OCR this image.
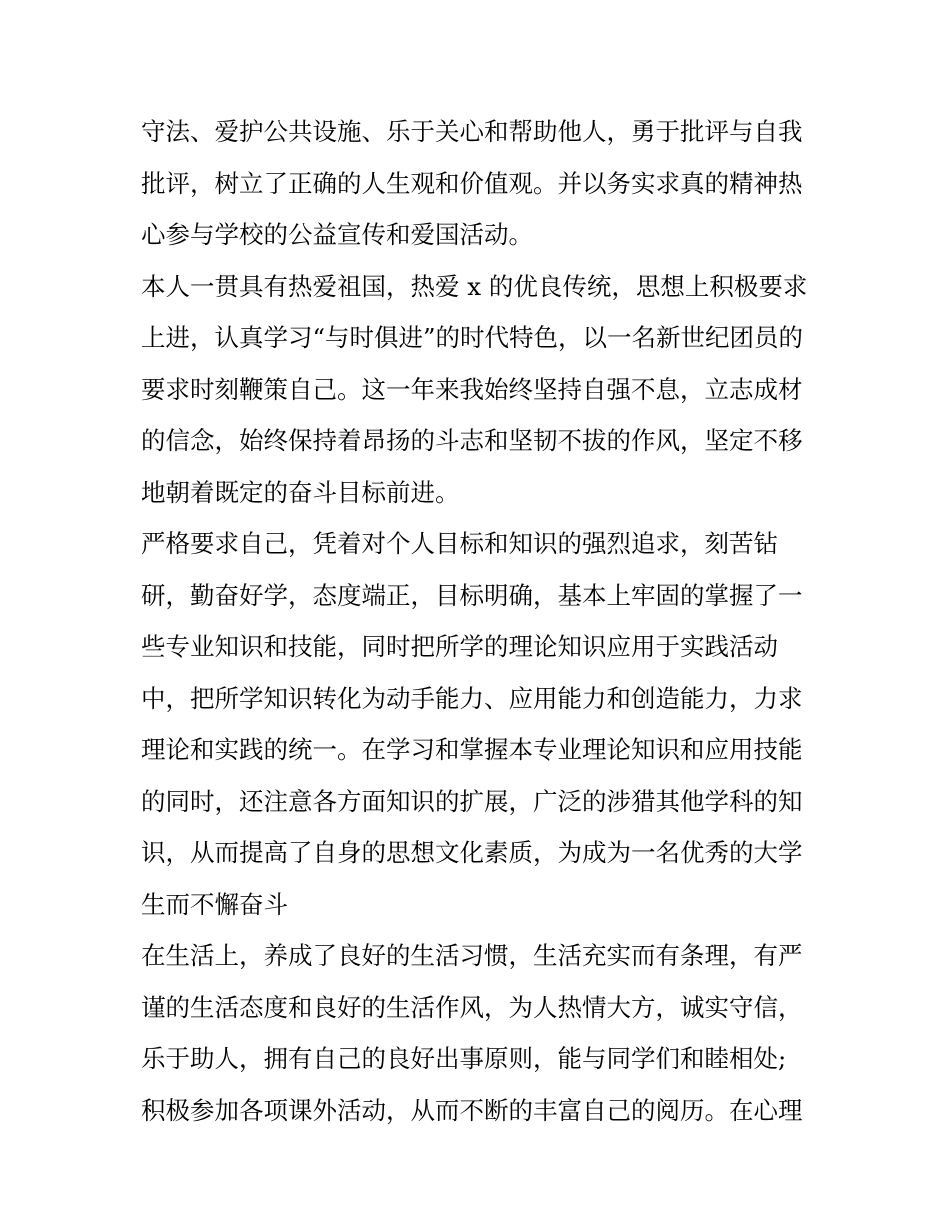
守法、爱护公共设施、乐于关心和帮助他人，勇于批评与自我
批评，树立了正确的人生观和价值观。并以务实求真的精神热
心参与学校的公益宣传和爱国活动。
本人一贯具有热爱祖国，热爱 x 的优良传统，思想上积极要求
上进，认真学习“与时俱进”的时代特色，以一名新世纪团员的
要求时刻鞭策自己。这一年来我始终坚持自强不息，立志成材
的信念，始终保持着昂扬的斗志和坚韧不拔的作风，坚定不移
地朝着既定的奋斗目标前进。
严格要求自己，凭着对个人目标和知识的强烈追求，刻苦钻
研，勤奋好学，态度端正，目标明确，基本上牢固的掌握了一
些专业知识和技能，同时把所学的理论知识应用于实践活动
中，把所学知识转化为动手能力、应用能力和创造能力，力求
理论和实践的统一。在学习和掌握本专业理论知识和应用技能
的同时，还注意各方面知识的扩展，广泛的涉猎其他学科的知
识，从而提高了自身的思想文化素质，为成为一名优秀的大学
生而不懈奋斗
在生活上，养成了良好的生活习惯，生活充实而有条理，有严
谨的生活态度和良好的生活作风，为人热情大方，诚实守信，
乐于助人，拥有自己的良好出事原则，能与同学们和睦相处;
积极参加各项课外活动，从而不断的丰富自己的阅历。在心理
